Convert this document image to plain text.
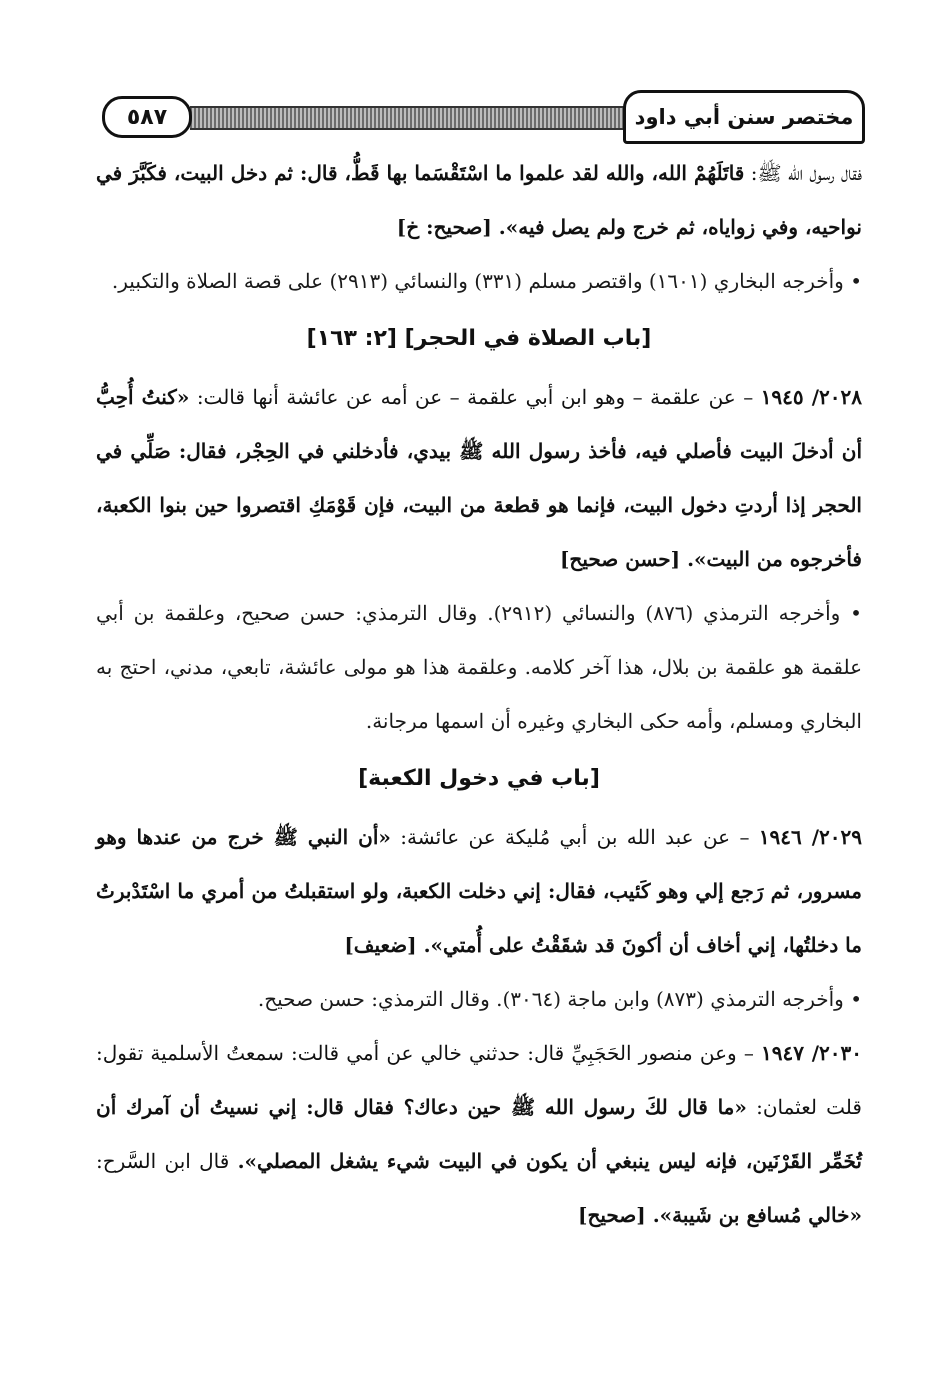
٥٨٧	مختصر سنن أبي داود

فقال رسول الله ﷺ: قاتَلَهُمْ الله، والله لقد علموا ما اسْتَقْسَما بها قَطُّ، قال: ثم دخل البيت، فكَبَّرَ في نواحيه، وفي زواياه، ثم خرج ولم يصل فيه». [صحيح: خ]

• وأخرجه البخاري (١٦٠١) واقتصر مسلم (٣٣١) والنسائي (٢٩١٣) على قصة الصلاة والتكبير.

[باب الصلاة في الحجر] [٢: ١٦٣]

٢٠٢٨/ ١٩٤٥ – عن علقمة – وهو ابن أبي علقمة – عن أمه عن عائشة أنها قالت: «كنتُ أُحِبُّ أن أدخلَ البيت فأصلي فيه، فأخذ رسول الله ﷺ بيدي، فأدخلني في الحِجْر، فقال: صَلِّي في الحجر إذا أردتِ دخول البيت، فإنما هو قطعة من البيت، فإن قَوْمَكِ اقتصروا حين بنوا الكعبة، فأخرجوه من البيت». [حسن صحيح]

• وأخرجه الترمذي (٨٧٦) والنسائي (٢٩١٢). وقال الترمذي: حسن صحيح، وعلقمة بن أبي علقمة هو علقمة بن بلال، هذا آخر كلامه. وعلقمة هذا هو مولى عائشة، تابعي، مدني، احتج به البخاري ومسلم، وأمه حكى البخاري وغيره أن اسمها مرجانة.

[باب في دخول الكعبة]

٢٠٢٩/ ١٩٤٦ – عن عبد الله بن أبي مُليكة عن عائشة: «أن النبي ﷺ خرج من عندها وهو مسرور، ثم رَجع إلي وهو كَئيب، فقال: إني دخلت الكعبة، ولو استقبلتُ من أمري ما اسْتَدْبرتُ ما دخلتُها، إني أخاف أن أكونَ قد شقَقْتُ على أُمتي». [ضعيف]

• وأخرجه الترمذي (٨٧٣) وابن ماجة (٣٠٦٤). وقال الترمذي: حسن صحيح.

٢٠٣٠/ ١٩٤٧ – وعن منصور الحَجَبِيِّ قال: حدثني خالي عن أمي قالت: سمعتُ الأسلمية تقول: قلت لعثمان: «ما قال لكَ رسول الله ﷺ حين دعاك؟ فقال قال: إني نسيتُ أن آمرك أن تُخَمِّر القَرْنَين، فإنه ليس ينبغي أن يكون في البيت شيء يشغل المصلي». قال ابن السَّرح: «خالي مُسافع بن شَيبة». [صحيح]
